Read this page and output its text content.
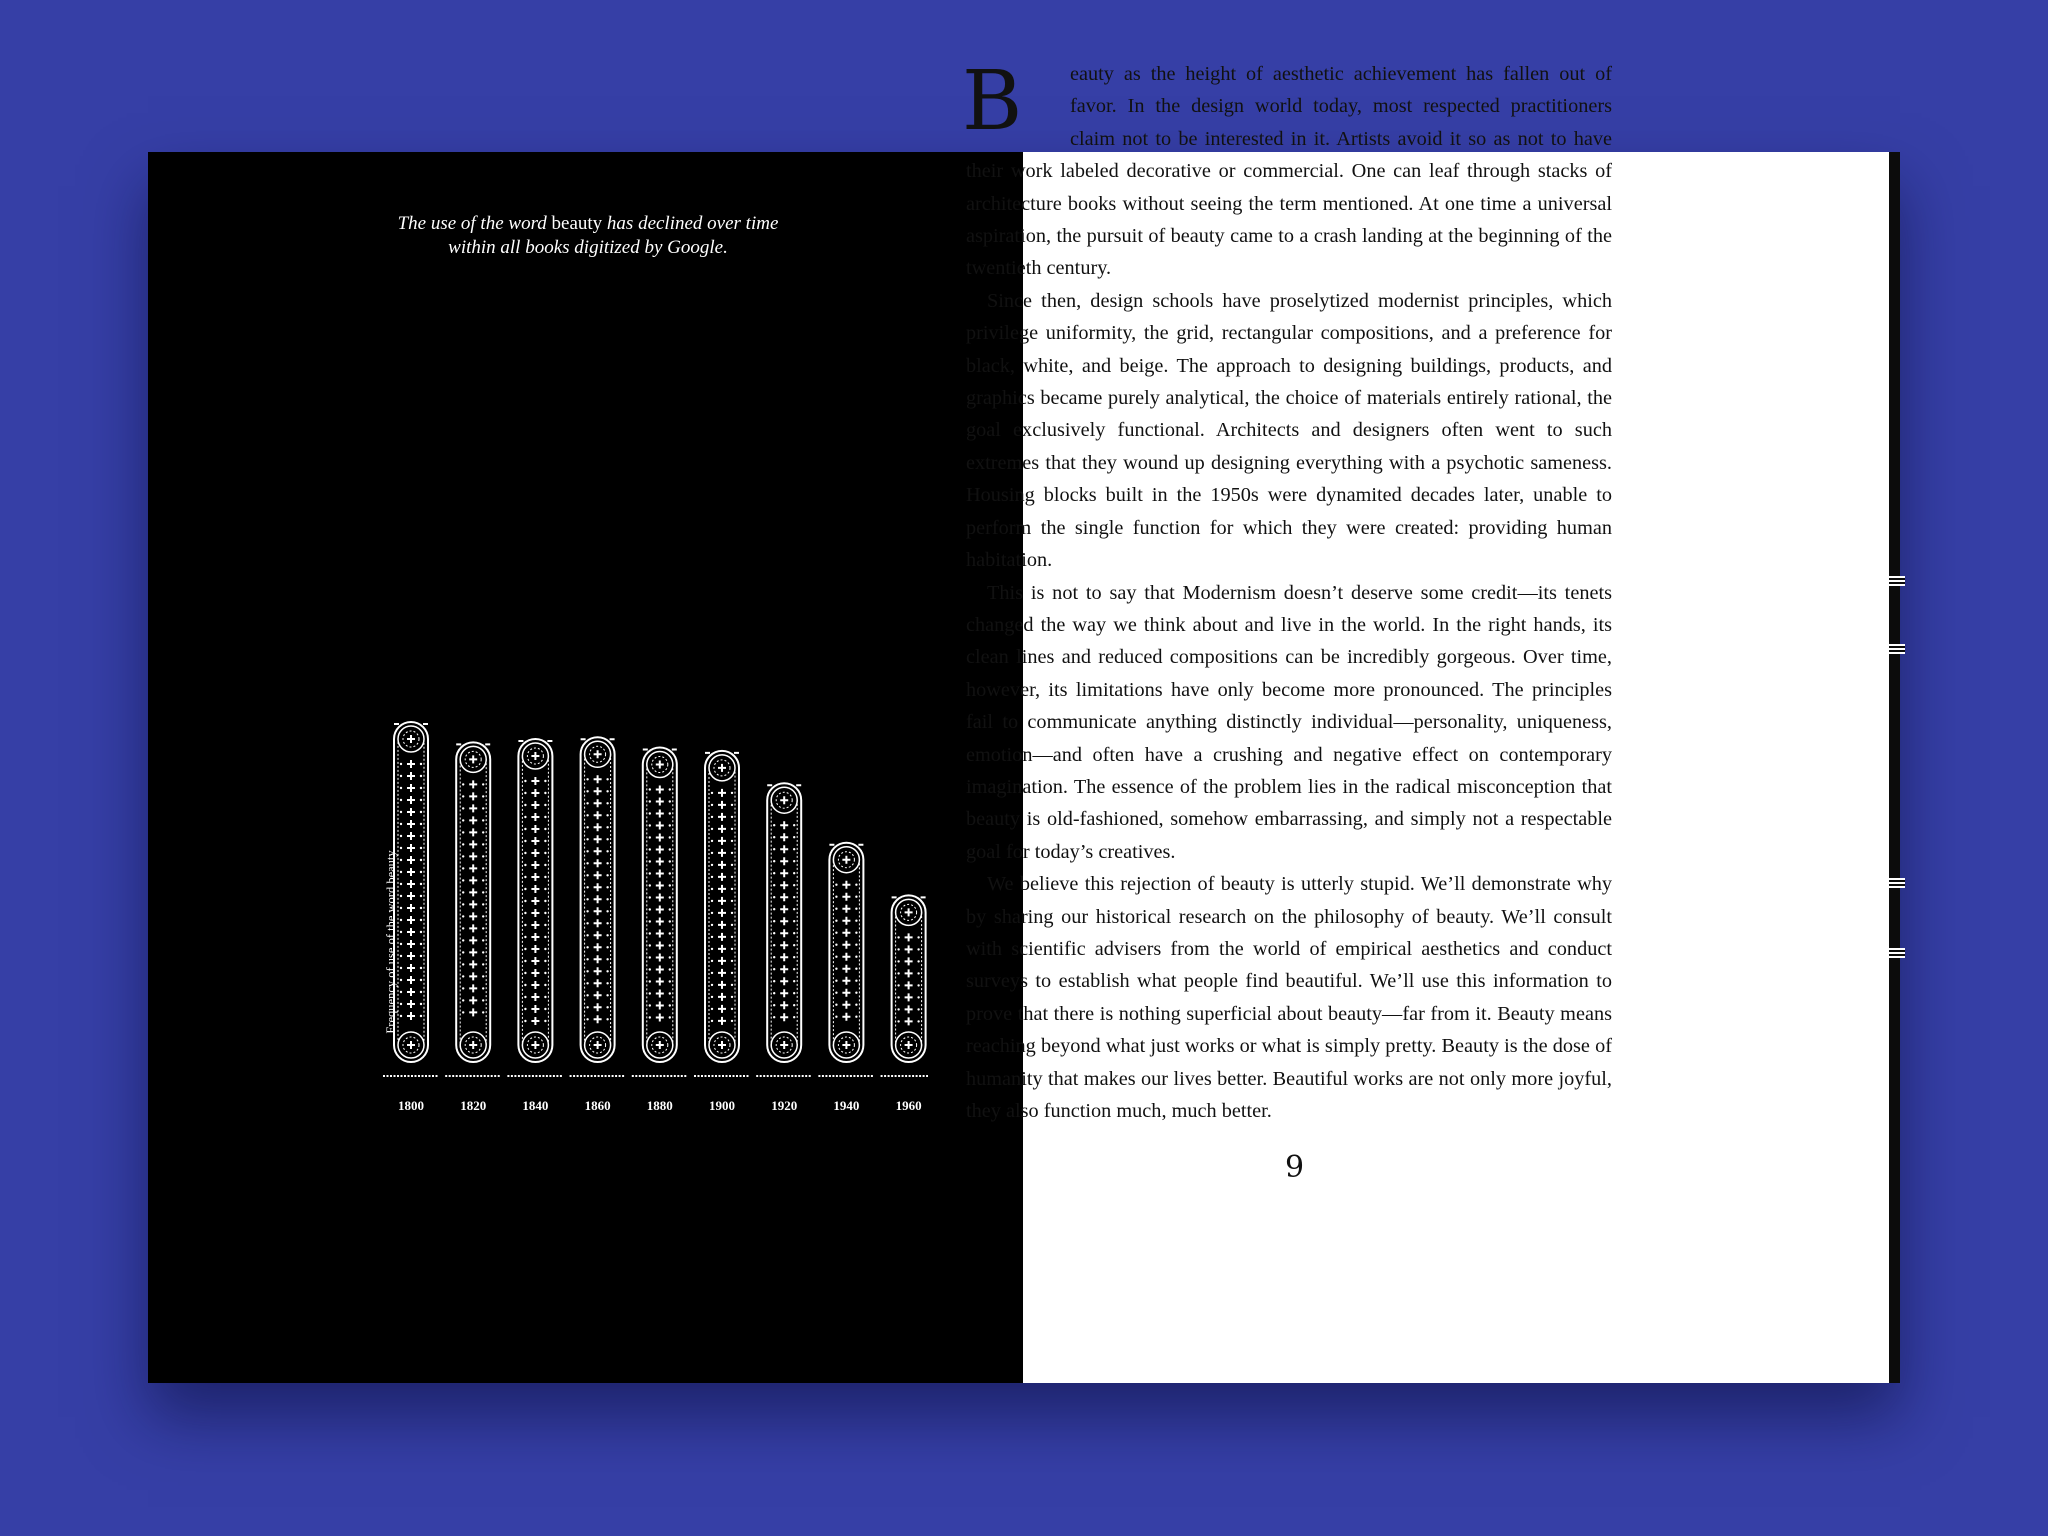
The use of the word beauty has declined over time
within all books digitized by Google.
Frequency of use of the word beauty
1800	1820	1840	1860	1880	1900	1920	1940	1960

B	eauty as the height of aesthetic achievement has fallen out of favor. In the design world today, most respected practitioners claim not to be interested in it. Artists avoid it so as not to have their work labeled decorative or commercial. One can leaf through stacks of architecture books without seeing the term mentioned. At one time a universal aspiration, the pursuit of beauty came to a crash landing at the beginning of the twentieth century.

Since then, design schools have proselytized modernist principles, which privilege uniformity, the grid, rectangular compositions, and a preference for black, white, and beige. The approach to designing buildings, products, and graphics became purely analytical, the choice of materials entirely rational, the goal exclusively functional. Architects and designers often went to such extremes that they wound up designing everything with a psychotic sameness. Housing blocks built in the 1950s were dynamited decades later, unable to perform the single function for which they were created: providing human habitation.

This is not to say that Modernism doesn’t deserve some credit—its tenets changed the way we think about and live in the world. In the right hands, its clean lines and reduced compositions can be incredibly gorgeous. Over time, however, its limitations have only become more pronounced. The principles fail to communicate anything distinctly individual—personality, uniqueness, emotion—and often have a crushing and negative effect on contemporary imagination. The essence of the problem lies in the radical misconception that beauty is old-fashioned, somehow embarrassing, and simply not a respectable goal for today’s creatives.

We believe this rejection of beauty is utterly stupid. We’ll demonstrate why by sharing our historical research on the philosophy of beauty. We’ll consult with scientific advisers from the world of empirical aesthetics and conduct surveys to establish what people find beautiful. We’ll use this information to prove that there is nothing superficial about beauty—far from it. Beauty means reaching beyond what just works or what is simply pretty. Beauty is the dose of humanity that makes our lives better. Beautiful works are not only more joyful, they also function much, much better.

9
